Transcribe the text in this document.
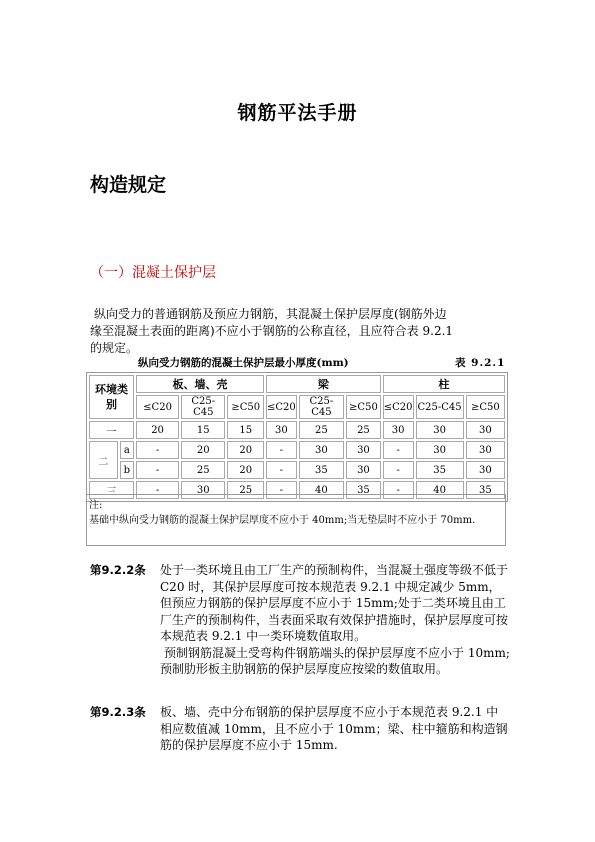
钢筋平法手册
构造规定
（一）混凝土保护层
纵向受力的普通钢筋及预应力钢筋，其混凝土保护层厚度(钢筋外边
缘至混凝土表面的距离)不应小于钢筋的公称直径，且应符合表 9.2.1
的规定。
纵向受力钢筋的混凝土保护层最小厚度(mm)	表 9.2.1
环境类别		板、墙、壳			梁			柱		
		≤C20	C25-C45	≥C50	≤C20	C25-C45	≥C50	≤C20	C25-C45	≥C50
一		20	15	15	30	25	25	30	30	30
二	a	-	20	20	-	30	30	-	30	30
	b	-	25	20	-	35	30	-	35	30
三		-	30	25	-	40	35	-	40	35
注:
基础中纵向受力钢筋的混凝土保护层厚度不应小于 40mm;当无垫层时不应小于 70mm.
第9.2.2条 处于一类环境且由工厂生产的预制构件，当混凝土强度等级不低于 C20 时，其保护层厚度可按本规范表 9.2.1 中规定减少 5mm，但预应力钢筋的保护层厚度不应小于 15mm;处于二类环境且由工厂生产的预制构件，当表面采取有效保护措施时，保护层厚度可按本规范表 9.2.1 中一类环境数值取用。

预制钢筋混凝土受弯构件钢筋端头的保护层厚度不应小于 10mm;预制肋形板主肋钢筋的保护层厚度应按梁的数值取用。

第9.2.3条 板、墙、壳中分布钢筋的保护层厚度不应小于本规范表 9.2.1 中相应数值减 10mm，且不应小于 10mm；梁、柱中箍筋和构造钢筋的保护层厚度不应小于 15mm.
